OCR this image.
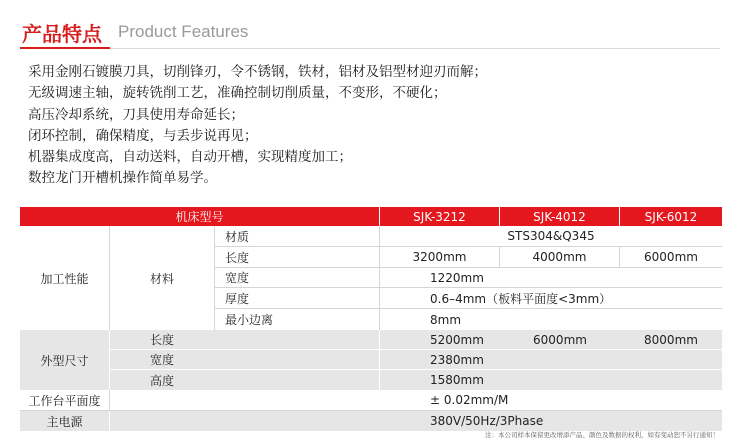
产品特点 Product Features
采用金刚石镀膜刀具，切削锋刃，令不锈钢，铁材，铝材及铝型材迎刃而解；
无级调速主轴，旋转铣削工艺，准确控制切削质量，不变形，不硬化；
高压冷却系统，刀具使用寿命延长；
闭环控制，确保精度，与丢步说再见；
机器集成度高，自动送料，自动开槽，实现精度加工；
数控龙门开槽机操作简单易学。
机床型号	SJK-3212	SJK-4012	SJK-6012
加工性能	材料
材质	STS304&Q345
长度	3200mm	4000mm	6000mm
宽度	1220mm
厚度	0.6–4mm（板料平面度<3mm）
最小边离	8mm
外型尺寸
长度	5200mm	6000mm	8000mm
宽度	2380mm
高度	1580mm
工作台平面度	± 0.02mm/M
主电源	380V/50Hz/3Phase
注：本公司样本保留更改增添产品、颜色及数据的权利，如有变动恕不另行通知！
